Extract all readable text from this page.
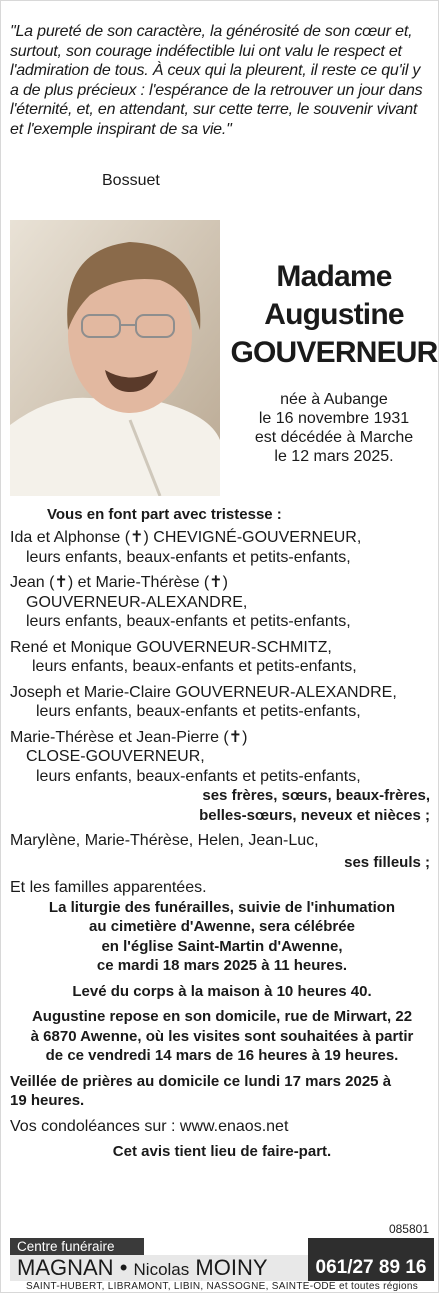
"La pureté de son caractère, la générosité de son cœur et, surtout, son courage indéfectible lui ont valu le respect et l'admiration de tous. À ceux qui la pleurent, il reste ce qu'il y a de plus précieux : l'espérance de la retrouver un jour dans l'éternité, et, en attendant, sur cette terre, le souvenir vivant et l'exemple inspirant de sa vie."
Bossuet
Madame
Augustine
GOUVERNEUR
née à Aubange
le 16 novembre 1931
est décédée à Marche
le 12 mars 2025.
Vous en font part avec tristesse :
Ida et Alphonse (✝) CHEVIGNÉ-GOUVERNEUR,
leurs enfants, beaux-enfants et petits-enfants,
Jean (✝) et Marie-Thérèse (✝)
GOUVERNEUR-ALEXANDRE,
leurs enfants, beaux-enfants et petits-enfants,
René et Monique GOUVERNEUR-SCHMITZ,
leurs enfants, beaux-enfants et petits-enfants,
Joseph et Marie-Claire GOUVERNEUR-ALEXANDRE,
leurs enfants, beaux-enfants et petits-enfants,
Marie-Thérèse et Jean-Pierre (✝)
CLOSE-GOUVERNEUR,
leurs enfants, beaux-enfants et petits-enfants,
ses frères, sœurs, beaux-frères,
belles-sœurs, neveux et nièces ;
Marylène, Marie-Thérèse, Helen, Jean-Luc,
ses filleuls ;
Et les familles apparentées.
La liturgie des funérailles, suivie de l'inhumation
au cimetière d'Awenne, sera célébrée
en l'église Saint-Martin d'Awenne,
ce mardi 18 mars 2025 à 11 heures.
Levé du corps à la maison à 10 heures 40.
Augustine repose en son domicile, rue de Mirwart, 22
à 6870 Awenne, où les visites sont souhaitées à partir
de ce vendredi 14 mars de 16 heures à 19 heures.
Veillée de prières au domicile ce lundi 17 mars 2025 à
19 heures.
Vos condoléances sur : www.enaos.net
Cet avis tient lieu de faire-part.
085801
MAGNAN • Nicolas MOINY	061/27 89 16
Centre funéraire
SAINT-HUBERT, LIBRAMONT, LIBIN, NASSOGNE, SAINTE-ODE et toutes régions
